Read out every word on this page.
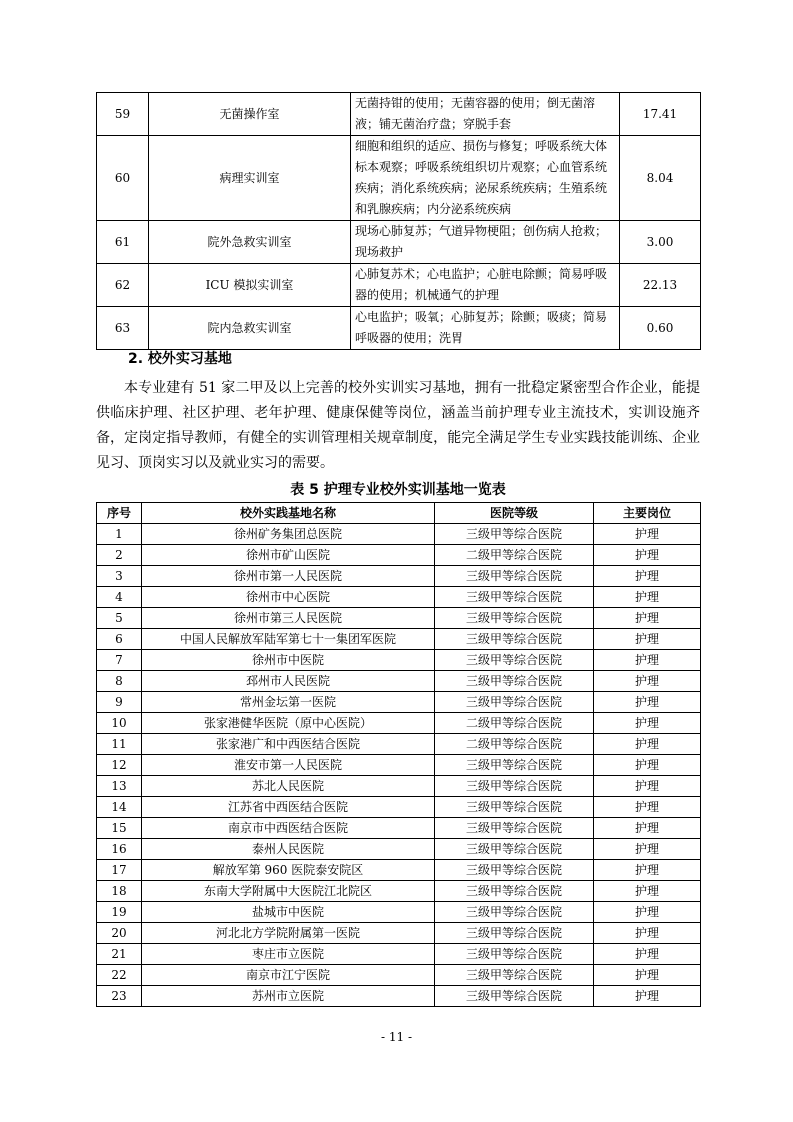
59	无菌操作室	无菌持钳的使用；无菌容器的使用；倒无菌溶液；铺无菌治疗盘；穿脱手套	17.41
60	病理实训室	细胞和组织的适应、损伤与修复；呼吸系统大体标本观察；呼吸系统组织切片观察；心血管系统疾病；消化系统疾病；泌尿系统疾病；生殖系统和乳腺疾病；内分泌系统疾病	8.04
61	院外急救实训室	现场心肺复苏；气道异物梗阻；创伤病人抢救；现场救护	3.00
62	ICU 模拟实训室	心肺复苏术；心电监护；心脏电除颤；简易呼吸器的使用；机械通气的护理	22.13
63	院内急救实训室	心电监护；吸氧；心肺复苏；除颤；吸痰；简易呼吸器的使用；洗胃	0.60
2. 校外实习基地

本专业建有 51 家二甲及以上完善的校外实训实习基地，拥有一批稳定紧密型合作企业，能提供临床护理、社区护理、老年护理、健康保健等岗位，涵盖当前护理专业主流技术，实训设施齐备，定岗定指导教师，有健全的实训管理相关规章制度，能完全满足学生专业实践技能训练、企业见习、顶岗实习以及就业实习的需要。

表 5 护理专业校外实训基地一览表
序号	校外实践基地名称	医院等级	主要岗位
1	徐州矿务集团总医院	三级甲等综合医院	护理
2	徐州市矿山医院	二级甲等综合医院	护理
3	徐州市第一人民医院	三级甲等综合医院	护理
4	徐州市中心医院	三级甲等综合医院	护理
5	徐州市第三人民医院	三级甲等综合医院	护理
6	中国人民解放军陆军第七十一集团军医院	三级甲等综合医院	护理
7	徐州市中医院	三级甲等综合医院	护理
8	邳州市人民医院	三级甲等综合医院	护理
9	常州金坛第一医院	三级甲等综合医院	护理
10	张家港健华医院（原中心医院）	二级甲等综合医院	护理
11	张家港广和中西医结合医院	二级甲等综合医院	护理
12	淮安市第一人民医院	三级甲等综合医院	护理
13	苏北人民医院	三级甲等综合医院	护理
14	江苏省中西医结合医院	三级甲等综合医院	护理
15	南京市中西医结合医院	三级甲等综合医院	护理
16	泰州人民医院	三级甲等综合医院	护理
17	解放军第 960 医院泰安院区	三级甲等综合医院	护理
18	东南大学附属中大医院江北院区	三级甲等综合医院	护理
19	盐城市中医院	三级甲等综合医院	护理
20	河北北方学院附属第一医院	三级甲等综合医院	护理
21	枣庄市立医院	三级甲等综合医院	护理
22	南京市江宁医院	三级甲等综合医院	护理
23	苏州市立医院	三级甲等综合医院	护理
- 11 -
